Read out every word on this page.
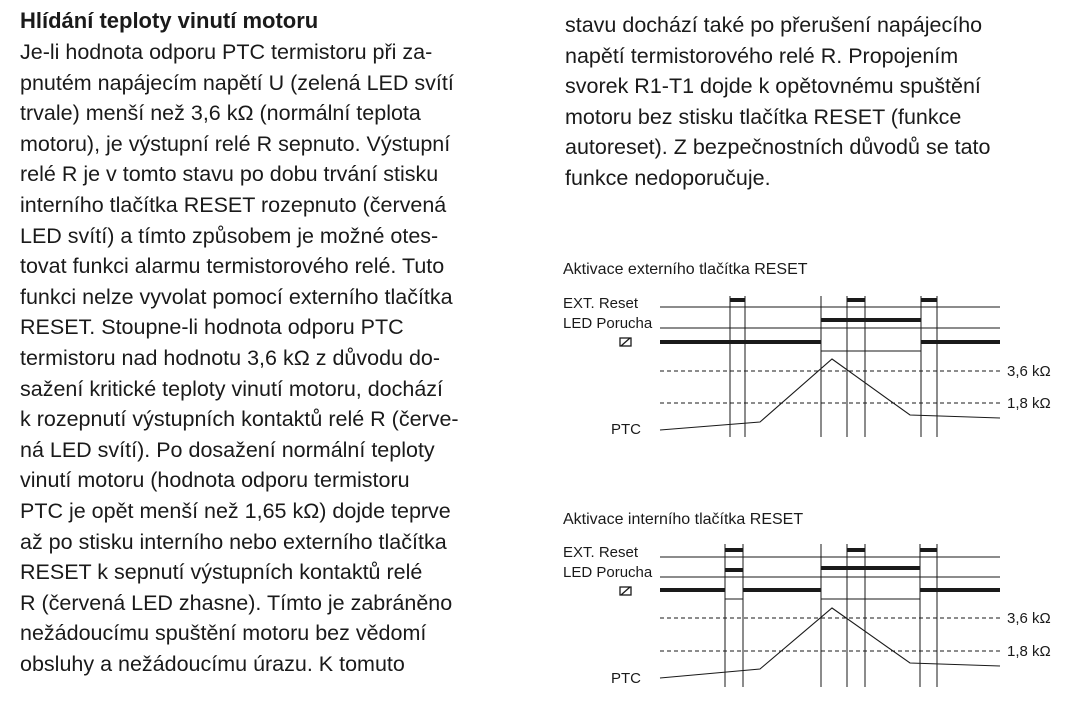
Hlídání teploty vinutí motoru
Je-li hodnota odporu PTC termistoru při za-
pnutém napájecím napětí U (zelená LED svítí
trvale) menší než 3,6 kΩ (normální teplota
motoru), je výstupní relé R sepnuto. Výstupní
relé R je v tomto stavu po dobu trvání stisku
interního tlačítka RESET rozepnuto (červená
LED svítí) a tímto způsobem je možné otes-
tovat funkci alarmu termistorového relé. Tuto
funkci nelze vyvolat pomocí externího tlačítka
RESET. Stoupne-li hodnota odporu PTC
termistoru nad hodnotu 3,6 kΩ z důvodu do-
sažení kritické teploty vinutí motoru, dochází
k rozepnutí výstupních kontaktů relé R (červe-
ná LED svítí). Po dosažení normální teploty
vinutí motoru (hodnota odporu termistoru
PTC je opět menší než 1,65 kΩ) dojde teprve
až po stisku interního nebo externího tlačítka
RESET k sepnutí výstupních kontaktů relé
R (červená LED zhasne). Tímto je zabráněno
nežádoucímu spuštění motoru bez vědomí
obsluhy a nežádoucímu úrazu. K tomuto
stavu dochází také po přerušení napájecího
napětí termistorového relé R. Propojením
svorek R1-T1 dojde k opětovnému spuštění
motoru bez stisku tlačítka RESET (funkce
autoreset). Z bezpečnostních důvodů se tato
funkce nedoporučuje.
Aktivace externího tlačítka RESET
EXT. Reset
LED Porucha
PTC
3,6 kΩ
1,8 kΩ
Aktivace interního tlačítka RESET
EXT. Reset
LED Porucha
PTC
3,6 kΩ
1,8 kΩ
